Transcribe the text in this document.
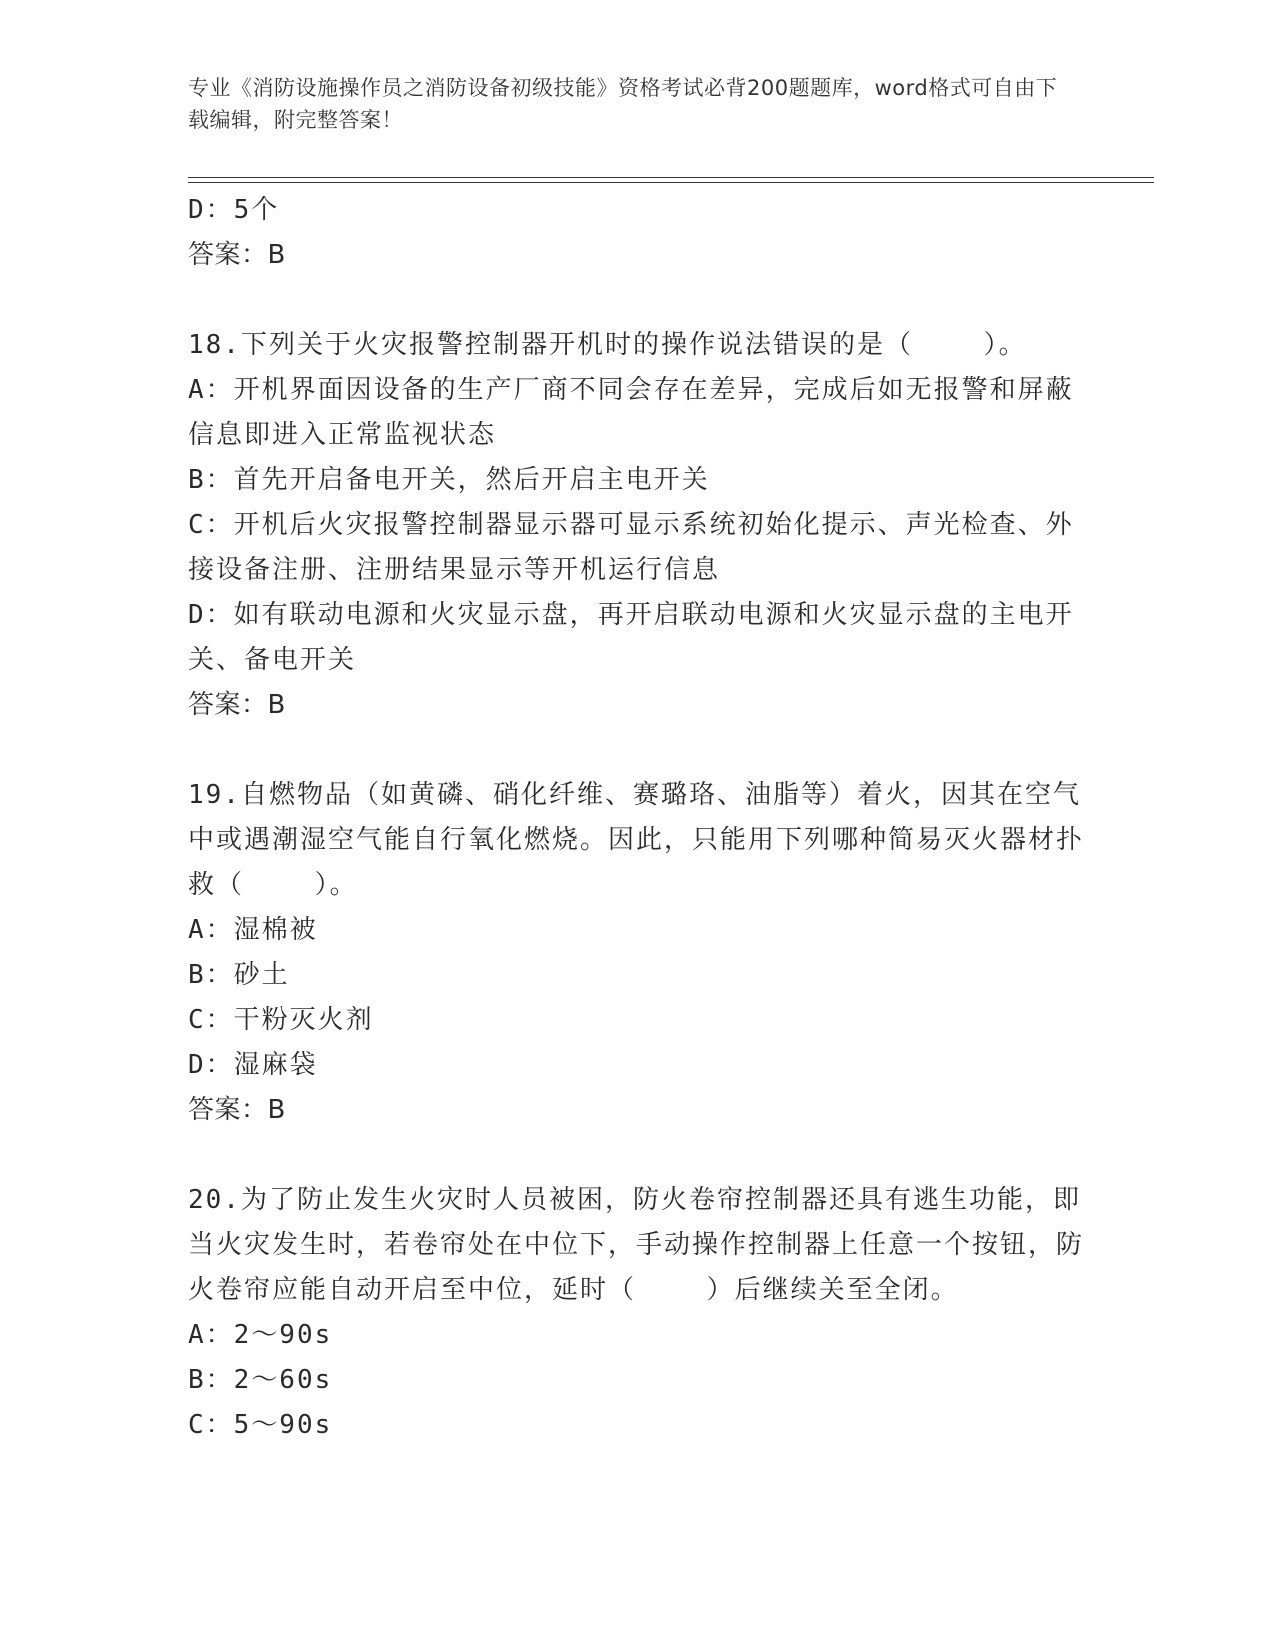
专业《消防设施操作员之消防设备初级技能》资格考试必背200题题库，word格式可自由下载编辑，附完整答案！

D：5个

答案：B

18.下列关于火灾报警控制器开机时的操作说法错误的是（    ）。

A：开机界面因设备的生产厂商不同会存在差异，完成后如无报警和屏蔽信息即进入正常监视状态

B：首先开启备电开关，然后开启主电开关

C：开机后火灾报警控制器显示器可显示系统初始化提示、声光检查、外接设备注册、注册结果显示等开机运行信息

D：如有联动电源和火灾显示盘，再开启联动电源和火灾显示盘的主电开关、备电开关

答案：B

19.自燃物品（如黄磷、硝化纤维、赛璐珞、油脂等）着火，因其在空气中或遇潮湿空气能自行氧化燃烧。因此，只能用下列哪种简易灭火器材扑救（    ）。

A：湿棉被

B：砂土

C：干粉灭火剂

D：湿麻袋

答案：B

20.为了防止发生火灾时人员被困，防火卷帘控制器还具有逃生功能，即当火灾发生时，若卷帘处在中位下，手动操作控制器上任意一个按钮，防火卷帘应能自动开启至中位，延时（    ）后继续关至全闭。

A：2～90s

B：2～60s

C：5～90s
